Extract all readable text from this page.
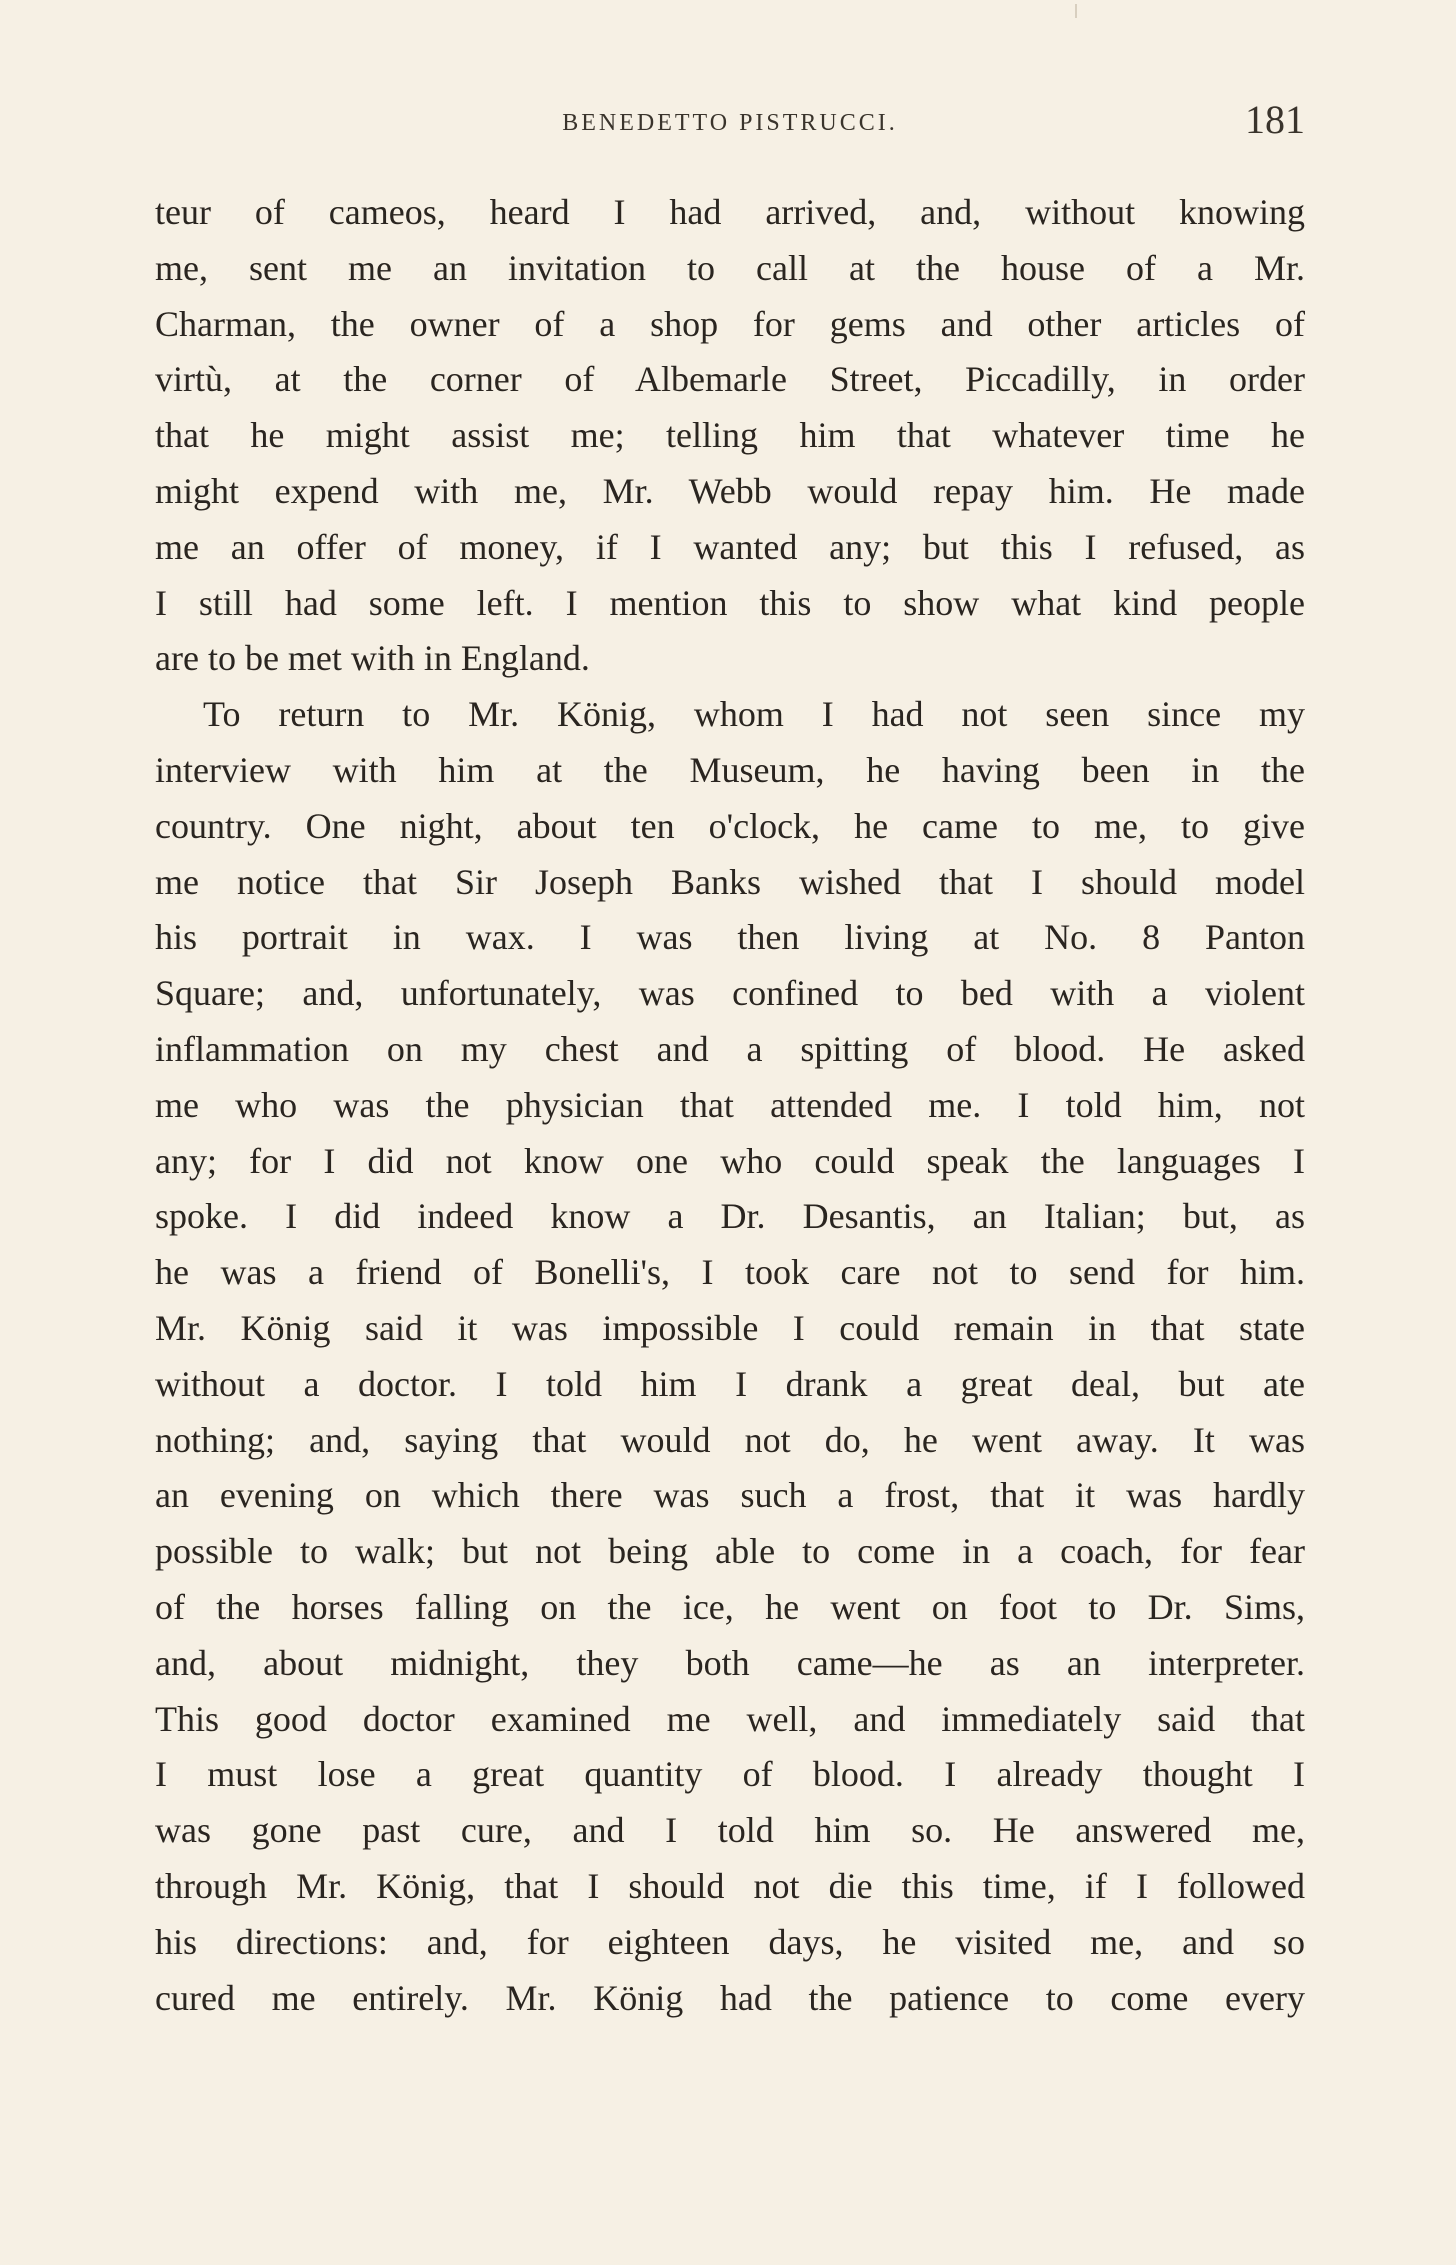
BENEDETTO PISTRUCCI.	181
teur of cameos, heard I had arrived, and, without knowing
me, sent me an invitation to call at the house of a Mr.
Charman, the owner of a shop for gems and other articles of
virtù, at the corner of Albemarle Street, Piccadilly, in order
that he might assist me; telling him that whatever time he
might expend with me, Mr. Webb would repay him. He made
me an offer of money, if I wanted any; but this I refused, as
I still had some left. I mention this to show what kind people
are to be met with in England.
To return to Mr. König, whom I had not seen since my
interview with him at the Museum, he having been in the
country. One night, about ten o'clock, he came to me, to give
me notice that Sir Joseph Banks wished that I should model
his portrait in wax. I was then living at No. 8 Panton
Square; and, unfortunately, was confined to bed with a violent
inflammation on my chest and a spitting of blood. He asked
me who was the physician that attended me. I told him, not
any; for I did not know one who could speak the languages I
spoke. I did indeed know a Dr. Desantis, an Italian; but, as
he was a friend of Bonelli's, I took care not to send for him.
Mr. König said it was impossible I could remain in that state
without a doctor. I told him I drank a great deal, but ate
nothing; and, saying that would not do, he went away. It was
an evening on which there was such a frost, that it was hardly
possible to walk; but not being able to come in a coach, for fear
of the horses falling on the ice, he went on foot to Dr. Sims,
and, about midnight, they both came—he as an interpreter.
This good doctor examined me well, and immediately said that
I must lose a great quantity of blood. I already thought I
was gone past cure, and I told him so. He answered me,
through Mr. König, that I should not die this time, if I followed
his directions: and, for eighteen days, he visited me, and so
cured me entirely. Mr. König had the patience to come every
